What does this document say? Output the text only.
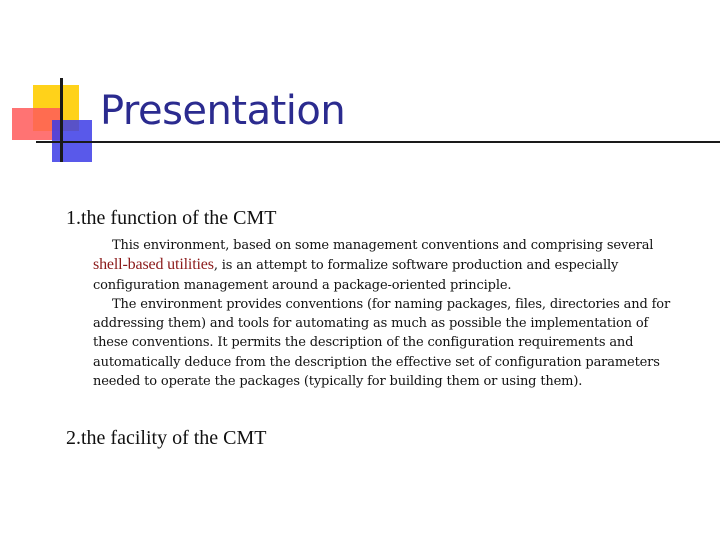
Presentation
1.the function of the CMT

This environment, based on some management conventions and comprising several shell-based utilities, is an attempt to formalize software production and especially configuration management around a package-oriented principle.

The environment provides conventions (for naming packages, files, directories and for addressing them) and tools for automating as much as possible the implementation of these conventions. It permits the description of the configuration requirements and automatically deduce from the description the effective set of configuration parameters needed to operate the packages (typically for building them or using them).

2.the facility of the CMT
